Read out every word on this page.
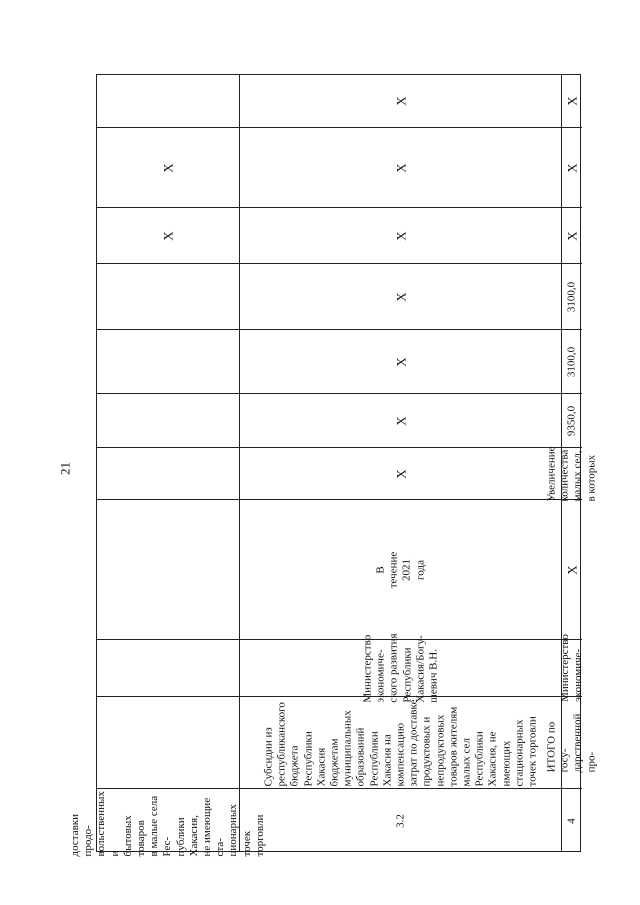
21
X
X
доставки продо-
вольственных и
бытовых товаров
в малые села Рес-
публики Хакасия,
не имеющие ста-
ционарных точек
торговли
X
X
X
X
X
X
X
В
течение
2021
года
Министерство
экономиче-
ского развития
Республики
Хакасия/Богу-
шевич В.Н.
Субсидии из
республиканского
бюджета
Республики
Хакасия
бюджетам
муниципальных
образований
Республики
Хакасия на
компенсацию
затрат по доставке
продуктовых и
непродуктовых
товаров жителям
малых сел
Республики
Хакасия, не
имеющих
стационарных
точек торговли
3.2
X
X
X
3100,0
3100,0
9350,0
Увеличение количества
малых сел, в которых
X
Министерство
экономиче-
ИТОГО по госу-
дарственной про-
4
